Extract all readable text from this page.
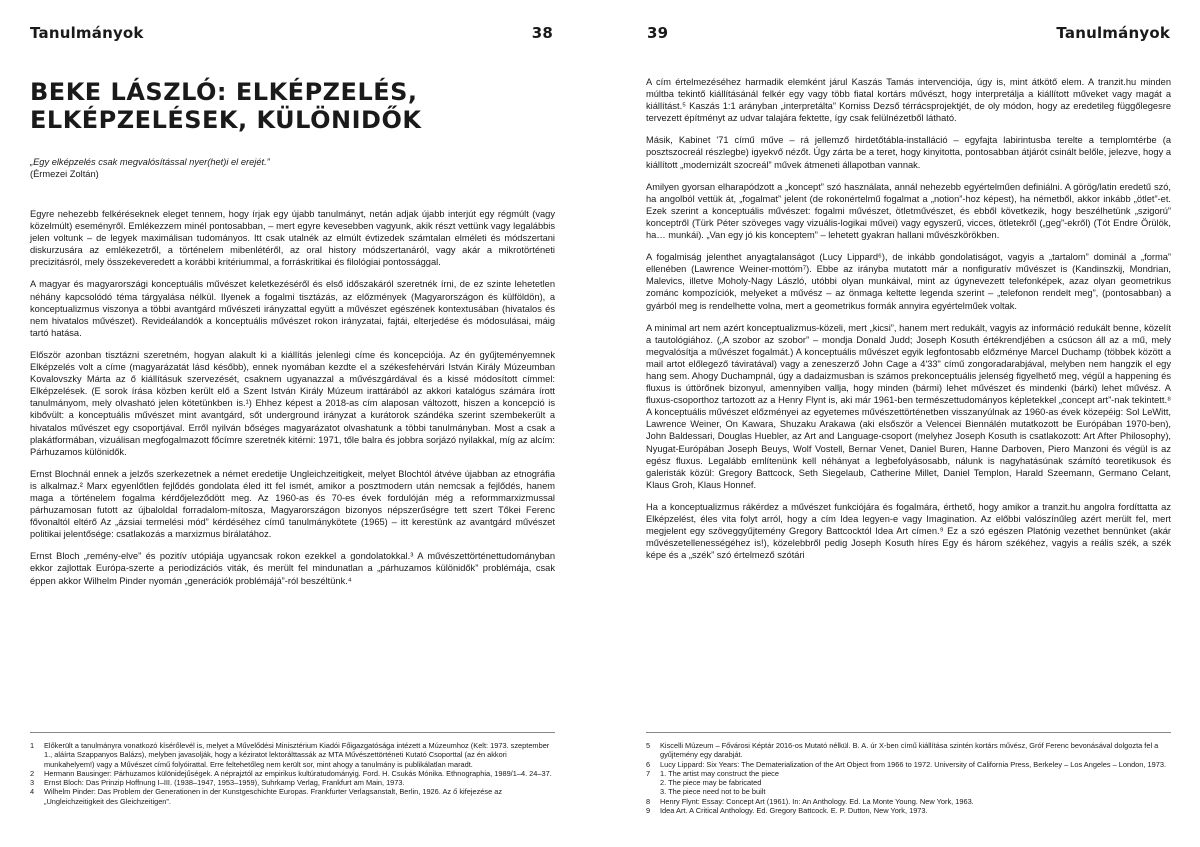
Tanulmányok	38
BEKE LÁSZLÓ: ELKÉPZELÉS, ELKÉPZELÉSEK, KÜLÖNIDŐK
„Egy elképzelés csak megvalósítással nyer(het)i el erejét.”
(Érmezei Zoltán)

Egyre nehezebb felkéréseknek eleget tennem, hogy írjak egy újabb tanulmányt, netán adjak újabb interjút egy régmúlt (vagy közelmúlt) eseményről. Emlékezzem minél pontosabban, – mert egyre kevesebben vagyunk, akik részt vettünk vagy legalábbis jelen voltunk – de legyek maximálisan tudományos. Itt csak utalnék az elmúlt évtizedek számtalan elméleti és módszertani diskurzusára az emlékezetről, a történelem mibenlétéről, az oral history módszertanáról, vagy akár a mikrotörténeti precizitásról, mely összekeveredett a korábbi kritériummal, a forráskritikai és filológiai pontossággal.

A magyar és magyarországi konceptuális művészet keletkezéséről és első időszakáról szeretnék írni, de ez szinte lehetetlen néhány kapcsolódó téma tárgyalása nélkül. Ilyenek a fogalmi tisztázás, az előzmények (Magyarországon és külföldön), a konceptualizmus viszonya a többi avantgárd művészeti irányzattal együtt a művészet egészének kontextusában (hivatalos és nem hivatalos művészet). Revideálandók a konceptuális művészet rokon irányzatai, fajtái, elterjedése és módosulásai, máig tartó hatása.

Először azonban tisztázni szeretném, hogyan alakult ki a kiállítás jelenlegi címe és koncepciója. Az én gyűjteményemnek Elképzelés volt a címe (magyarázatát lásd később), ennek nyomában kezdte el a székesfehérvári István Király Múzeumban Kovalovszky Márta az ő kiállításuk szervezését, csaknem ugyanazzal a művészgárdával és a kissé módosított címmel: Elképzelések. (E sorok írása közben került elő a Szent István Király Múzeum irattárából az akkori katalógus számára írott tanulmányom, mely olvasható jelen kötetünkben is.¹) Ehhez képest a 2018-as cím alaposan változott, hiszen a koncepció is kibővült: a konceptuális művészet mint avantgárd, sőt underground irányzat a kurátorok szándéka szerint szembekerült a hivatalos művészet egy csoportjával. Erről nyilván bőséges magyarázatot olvashatunk a többi tanulmányban. Most a csak a plakátformában, vizuálisan megfogalmazott főcímre szeretnék kitérni: 1971, tőle balra és jobbra sorjázó nyilakkal, míg az alcím: Párhuzamos különidők.

Ernst Blochnál ennek a jelzős szerkezetnek a német eredetije Ungleichzeitigkeit, melyet Blochtól átvéve újabban az etnográfia is alkalmaz.² Marx egyenlőtlen fejlődés gondolata éled itt fel ismét, amikor a posztmodern után nemcsak a fejlődés, hanem maga a történelem fogalma kérdőjeleződött meg. Az 1960-as és 70-es évek fordulóján még a reformmarxizmussal párhuzamosan futott az újbaloldal forradalom-mítosza, Magyarországon bizonyos népszerűségre tett szert Tőkei Ferenc fővonaltól eltérő Az „ázsiai termelési mód” kérdéséhez című tanulmánykötete (1965) – itt kerestünk az avantgárd művészet politikai jelentősége: csatlakozás a marxizmus bírálatához.

Ernst Bloch „remény-elve” és pozitív utópiája ugyancsak rokon ezekkel a gondolatokkal.³ A művészettörténettudományban ekkor zajlottak Európa-szerte a periodizációs viták, és merült fel mindunatlan a „párhuzamos különidők” problémája, csak éppen akkor Wilhelm Pinder nyomán „generációk problémájá”-ról beszéltünk.⁴

1	Előkerült a tanulmányra vonatkozó kísérőlevél is, melyet a Művelődési Minisztérium Kiadói Főigazgatósága intézett a Múzeumhoz (Kelt: 1973. szeptember 1., aláírta Szappanyos Balázs), melyben javasolják, hogy a kéziratot lektorálttassák az MTA Művészettörténeti Kutató Csoporttal (az én akkori munkahelyem!) vagy a Művészet című folyóirattal. Erre feltehetőleg nem került sor, mint ahogy a tanulmány is publikálatlan maradt.
2	Hermann Bausinger: Párhuzamos különidejűségek. A néprajztól az empirikus kultúratudományig. Ford. H. Csukás Mónika. Ethnographia, 1989/1–4. 24–37.
3	Ernst Bloch: Das Prinzip Hoffnung I–III. (1938–1947, 1953–1959), Suhrkamp Verlag, Frankfurt am Main, 1973.
4	Wilhelm Pinder: Das Problem der Generationen in der Kunstgeschichte Europas. Frankfurter Verlagsanstalt, Berlin, 1926. Az ő kifejezése az „Ungleichzeitigkeit des Gleichzeitigen”.
39	Tanulmányok

A cím értelmezéséhez harmadik elemként járul Kaszás Tamás intervenciója, úgy is, mint átkötő elem. A tranzit.hu minden múltba tekintő kiállításánál felkér egy vagy több fiatal kortárs művészt, hogy interpretálja a kiállított műveket vagy magát a kiállítást.⁵ Kaszás 1:1 arányban „interpretálta” Korniss Dezső térrácsprojektjét, de oly módon, hogy az eredetileg függőlegesre tervezett építményt az udvar talajára fektette, így csak felülnézetből látható.

Másik, Kabinet '71 című műve – rá jellemző hirdetőtábla-installáció – egyfajta labirintusba terelte a templomtérbe (a posztszocreál részlegbe) igyekvő nézőt. Úgy zárta be a teret, hogy kinyitotta, pontosabban átjárót csinált belőle, jelezve, hogy a kiállított „modernizált szocreál” művek átmeneti állapotban vannak.

Amilyen gyorsan elharapódzott a „koncept” szó használata, annál nehezebb egyértelműen definiálni. A görög/latin eredetű szó, ha angolból vettük át, „fogalmat” jelent (de rokonértelmű fogalmat a „notion”-hoz képest), ha németből, akkor inkább „ötlet”-et. Ezek szerint a konceptuális művészet: fogalmi művészet, ötletművészet, és ebből következik, hogy beszélhetünk „szigorú” konceptről (Türk Péter szöveges vagy vizuális-logikai művei) vagy egyszerű, vicces, ötletekről („geg”-ekről) (Tót Endre Örülök, ha… munkái). „Van egy jó kis konceptem” – lehetett gyakran hallani művészkörökben.

A fogalmiság jelenthet anyagtalanságot (Lucy Lippard⁶), de inkább gondolatiságot, vagyis a „tartalom” dominál a „forma” ellenében (Lawrence Weiner-mottóm⁷). Ebbe az irányba mutatott már a nonfiguratív művészet is (Kandinszkij, Mondrian, Malevics, illetve Moholy-Nagy László, utóbbi olyan munkáival, mint az úgynevezett telefonképek, azaz olyan geometrikus zománc kompozíciók, melyeket a művész – az önmaga keltette legenda szerint – „telefonon rendelt meg”, (pontosabban) a gyárból meg is rendelhette volna, mert a geometrikus formák annyira egyértelműek voltak.

A minimal art nem azért konceptualizmus-közeli, mert „kicsi”, hanem mert redukált, vagyis az információ redukált benne, közelít a tautológiához. („A szobor az szobor” – mondja Donald Judd; Joseph Kosuth értékrendjében a csúcson áll az a mű, mely megvalósítja a művészet fogalmát.) A konceptuális művészet egyik legfontosabb előzménye Marcel Duchamp (többek között a mail artot előlegező táviratával) vagy a zeneszerző John Cage a 4'33" című zongoradarabjával, melyben nem hangzik el egy hang sem. Ahogy Duchampnál, úgy a dadaizmusban is számos prekonceptuális jelenség figyelhető meg, végül a happening és fluxus is úttörőnek bizonyul, amennyiben vallja, hogy minden (bármi) lehet művészet és mindenki (bárki) lehet művész. A fluxus-csoporthoz tartozott az a Henry Flynt is, aki már 1961-ben természettudományos képletekkel „concept art”-nak tekintett.⁸ A konceptuális művészet előzményei az egyetemes művészettörténetben visszanyúlnak az 1960-as évek közepéig: Sol LeWitt, Lawrence Weiner, On Kawara, Shuzaku Arakawa (aki elsőször a Velencei Biennálén mutatkozott be Európában 1970-ben), John Baldessari, Douglas Huebler, az Art and Language-csoport (melyhez Joseph Kosuth is csatlakozott: Art After Philosophy), Nyugat-Európában Joseph Beuys, Wolf Vostell, Bernar Venet, Daniel Buren, Hanne Darboven, Piero Manzoni és végül is az egész fluxus. Legalább említenünk kell néhányat a legbefolyásosabb, nálunk is nagyhatásúnak számító teoretikusok és galeristák közül: Gregory Battcock, Seth Siegelaub, Catherine Millet, Daniel Templon, Harald Szeemann, Germano Celant, Klaus Groh, Klaus Honnef.

Ha a konceptualizmus rákérdez a művészet funkciójára és fogalmára, érthető, hogy amikor a tranzit.hu angolra fordíttatta az Elképzelést, éles vita folyt arról, hogy a cím Idea legyen-e vagy Imagination. Az előbbi valószínűleg azért merült fel, mert megjelent egy szöveggyűjtemény Gregory Battcocktól Idea Art címen.⁹ Ez a szó egészen Platónig vezethet bennünket (akár művészetellenességéhez is!), közelebbről pedig Joseph Kosuth híres Egy és három székéhez, vagyis a reális szék, a szék képe és a „szék” szó értelmező szótári

5	Kiscelli Múzeum – Fővárosi Képtár 2016-os Mutató nélkül. B. A. úr X-ben című kiállítása szintén kortárs művész, Gróf Ferenc bevonásával dolgozta fel a gyűjtemény egy darabját.
6	Lucy Lippard: Six Years: The Dematerialization of the Art Object from 1966 to 1972. University of California Press, Berkeley – Los Angeles – London, 1973.
7	1. The artist may construct the piece
2. The piece may be fabricated
3. The piece need not to be built
8	Henry Flynt: Essay: Concept Art (1961). In: An Anthology. Ed. La Monte Young. New York, 1963.
9	Idea Art. A Critical Anthology. Ed. Gregory Battcock. E. P. Dutton, New York, 1973.
